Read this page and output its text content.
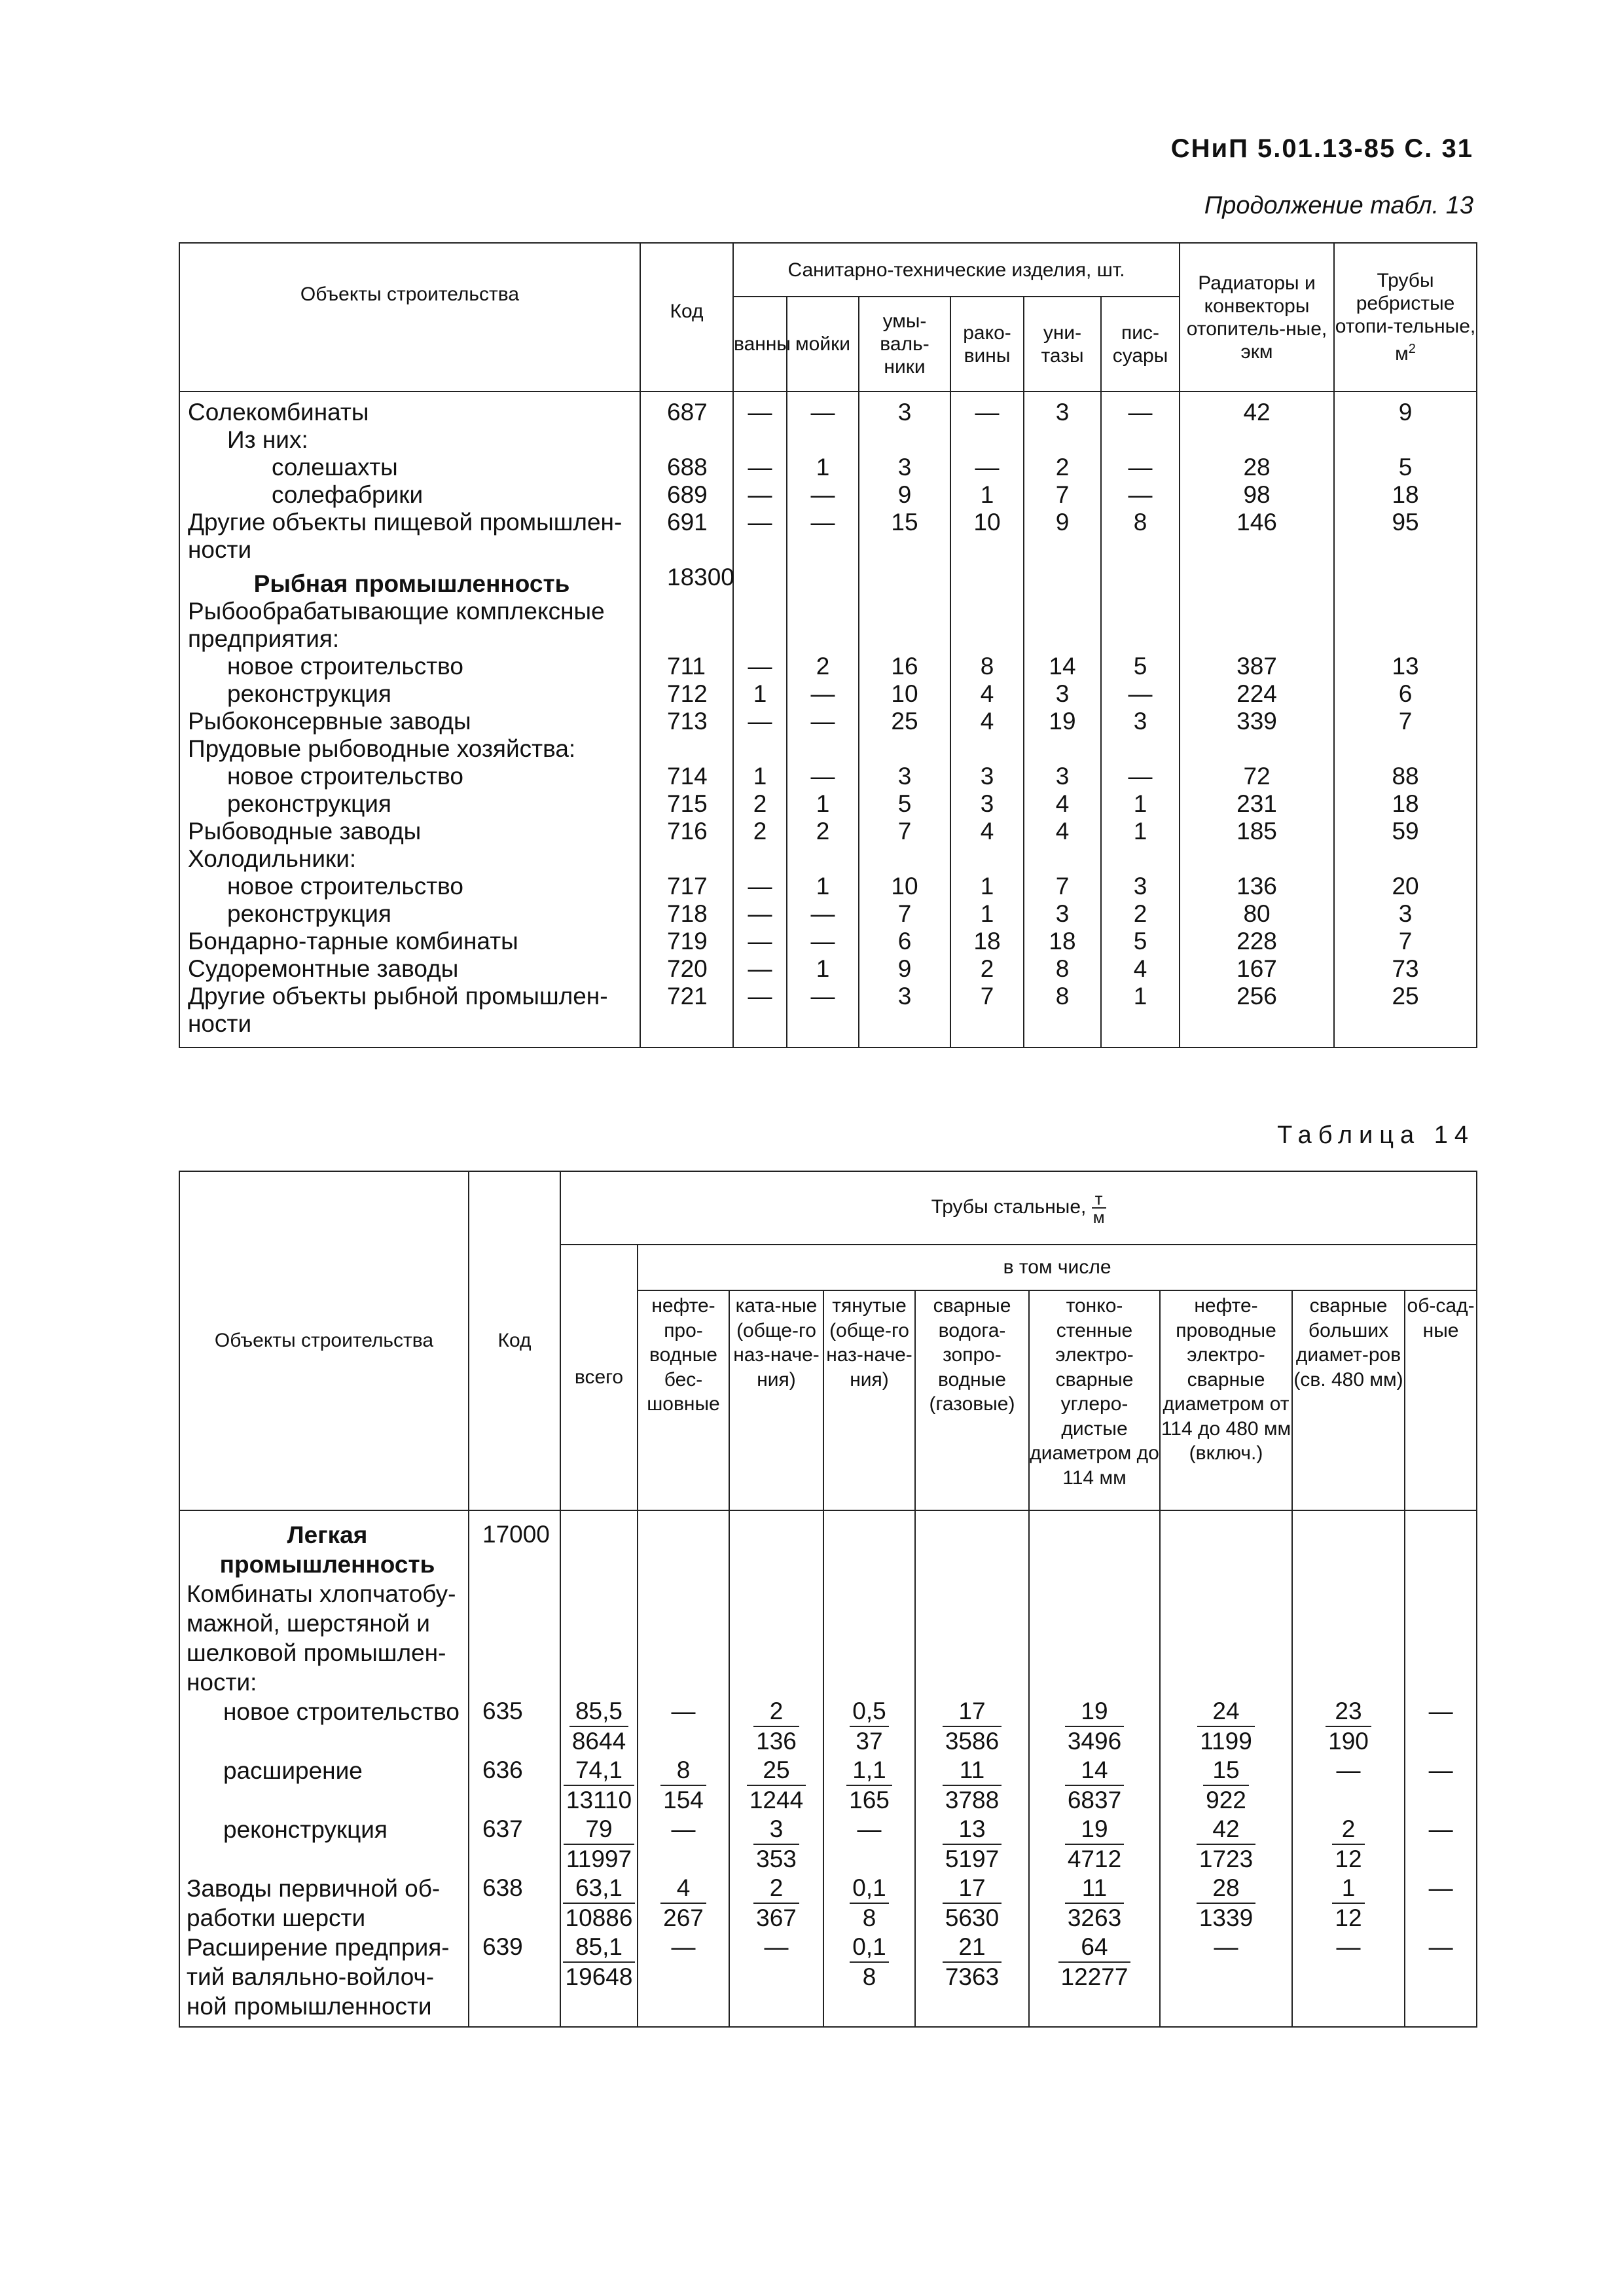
СНиП 5.01.13-85 С. 31
Продолжение табл. 13
Объекты строительства	Код	Санитарно-технические изделия, шт.						Радиаторы и конвекторы отопитель-ные, экм	Трубы ребристые отопи-тельные,
$м^2$
		ванны	мойки	умы-валь-ники	рако-вины	уни-тазы	пис-суары		
Солекомбинаты	687	—	—	3	—	3	—	42	9
Из них:									
солешахты	688	—	1	3	—	2	—	28	5
солефабрики	689	—	—	9	1	7	—	98	18
Другие объекты пищевой промышлен-ности	691	—	—	15	10	9	8	146	95
Рыбная промышленность	18300								
Рыбообрабатывающие комплексные предприятия:									
новое строительство	711	—	2	16	8	14	5	387	13
реконструкция	712	1	—	10	4	3	—	224	6
Рыбоконсервные заводы	713	—	—	25	4	19	3	339	7
Прудовые рыбоводные хозяйства:									
новое строительство	714	1	—	3	3	3	—	72	88
реконструкция	715	2	1	5	3	4	1	231	18
Рыбоводные заводы	716	2	2	7	4	4	1	185	59
Холодильники:									
новое строительство	717	—	1	10	1	7	3	136	20
реконструкция	718	—	—	7	1	3	2	80	3
Бондарно-тарные комбинаты	719	—	—	6	18	18	5	228	7
Судоремонтные заводы	720	—	1	9	2	8	4	167	73
Другие объекты рыбной промышлен-ности	721	—	—	3	7	8	1	256	25
Таблица 14
Объекты строительства	Код	Трубы стальные, $\frac{т}{м}$

		всего	в том числе							
			нефте-про-водные бес-шовные	ката-ные (обще-го наз-наче-ния)	тянутые (обще-го наз-наче-ния)	сварные водога-зопро-водные (газовые)	тонко-стенные электро-сварные углеро-дистые диаметром до 114 мм	нефте-проводные электро-сварные диаметром от 114 до 480 мм (включ.)	сварные больших диамет-ров (св. 480 мм)	об-сад-ные
Легкая промышленность	17000									
Комбинаты хлопчатобу-мажной, шерстяной и шелковой промышлен-ности:										
новое строительство	635	$\frac{85,5}{8644}$	—	$\frac{2}{136}$	$\frac{0,5}{37}$	$\frac{17}{3586}$	$\frac{19}{3496}$	$\frac{24}{1199}$	$\frac{23}{190}$	—
расширение	636	$\frac{74,1}{13110}$	$\frac{8}{154}$	$\frac{25}{1244}$	$\frac{1,1}{165}$	$\frac{11}{3788}$	$\frac{14}{6837}$	$\frac{15}{922}$	—	—
реконструкция	637	$\frac{79}{11997}$	—	$\frac{3}{353}$	—	$\frac{13}{5197}$	$\frac{19}{4712}$	$\frac{42}{1723}$	$\frac{2}{12}$	—
Заводы первичной об-работки шерсти	638	$\frac{63,1}{10886}$	$\frac{4}{267}$	$\frac{2}{367}$	$\frac{0,1}{8}$	$\frac{17}{5630}$	$\frac{11}{3263}$	$\frac{28}{1339}$	$\frac{1}{12}$	—
Расширение предприя-тий валяльно-войлоч-ной промышленности	639	$\frac{85,1}{19648}$	—	—	$\frac{0,1}{8}$	$\frac{21}{7363}$	$\frac{64}{12277}$	—	—	—
